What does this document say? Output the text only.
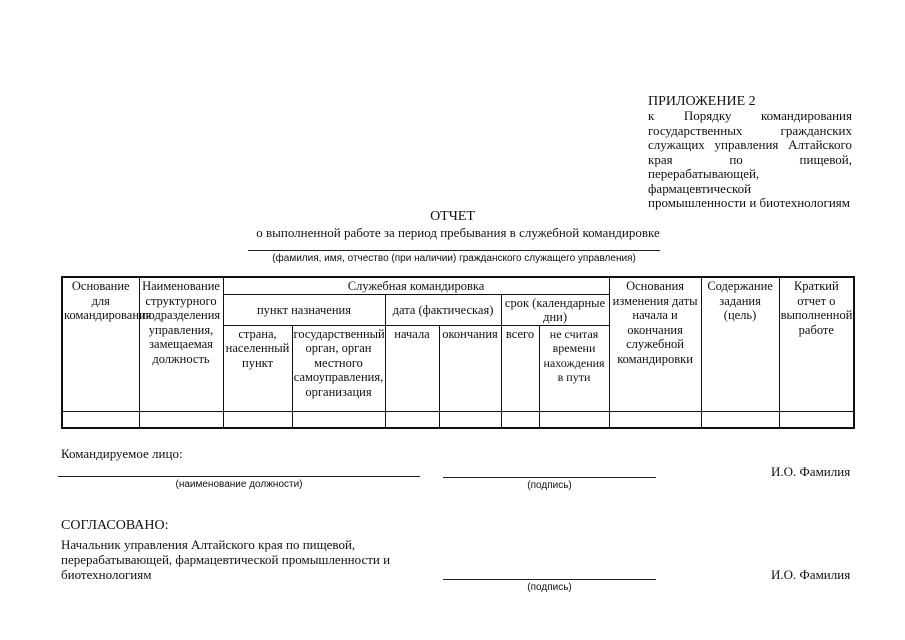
ПРИЛОЖЕНИЕ 2
к Порядку командирования государственных гражданских служащих управления Алтайского края по пищевой, перерабатывающей, фармацевтической промышленности и биотехнологиям
ОТЧЕТ
о выполненной работе за период пребывания в служебной командировке
(фамилия, имя, отчество (при наличии) гражданского служащего управления)
Основание для командирования	Наименование структурного подразделения управления, замещаемая должность	Служебная командировка						Основания изменения даты начала и окончания служебной командировки	Содержание задания (цель)	Краткий отчет о выполненной работе
		пункт назначения		дата (фактическая)		срок (календарные дни)				
		страна, населенный пункт	государственный орган, орган местного самоуправления, организация	начала	окончания	всего	не считая времени нахождения в пути			

Командируемое лицо:
(наименование должности)	(подпись)
И.О. Фамилия
СОГЛАСОВАНО:
Начальник управления Алтайского края по пищевой, перерабатывающей, фармацевтической промышленности и биотехнологиям
(подпись)
И.О. Фамилия
